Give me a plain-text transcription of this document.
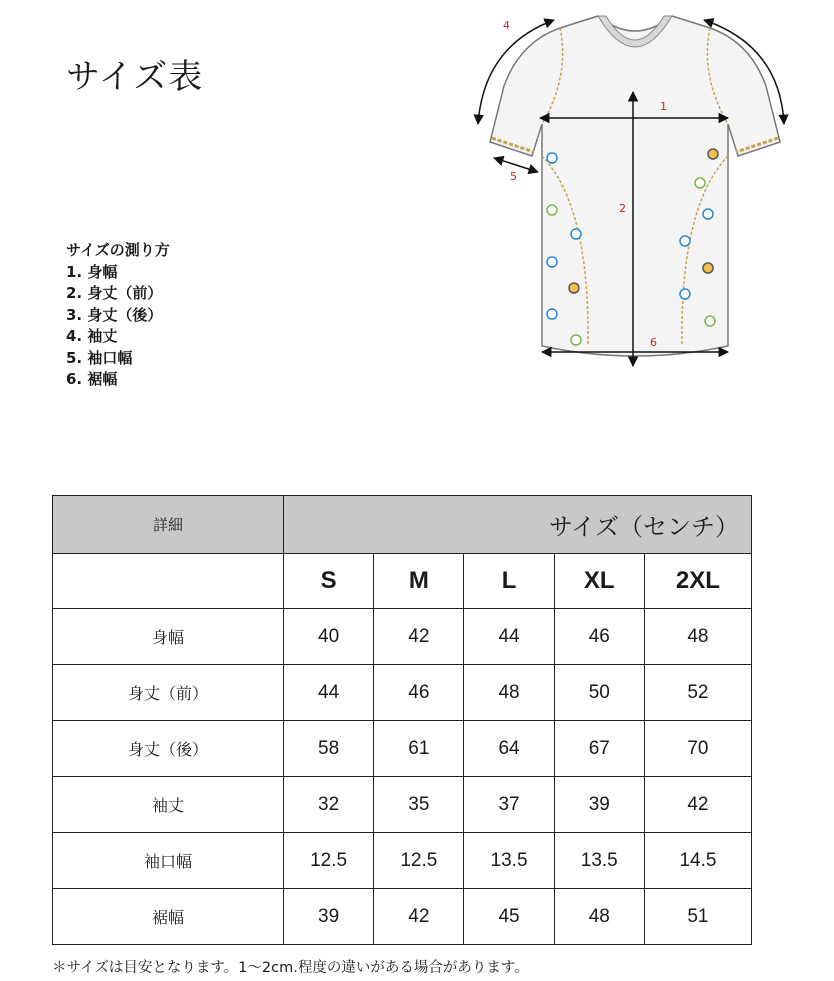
サイズ表
サイズの測り方
1. 身幅
2. 身丈（前）
3. 身丈（後）
4. 袖丈
5. 袖口幅
6. 裾幅
1
2
4
5
6
詳細	サイズ（センチ）				
	S	M	L	XL	2XL
身幅	40	42	44	46	48
身丈（前）	44	46	48	50	52
身丈（後）	58	61	64	67	70
袖丈	32	35	37	39	42
袖口幅	12.5	12.5	13.5	13.5	14.5
裾幅	39	42	45	48	51
＊サイズは目安となります。1〜2cm.程度の違いがある場合があります。
